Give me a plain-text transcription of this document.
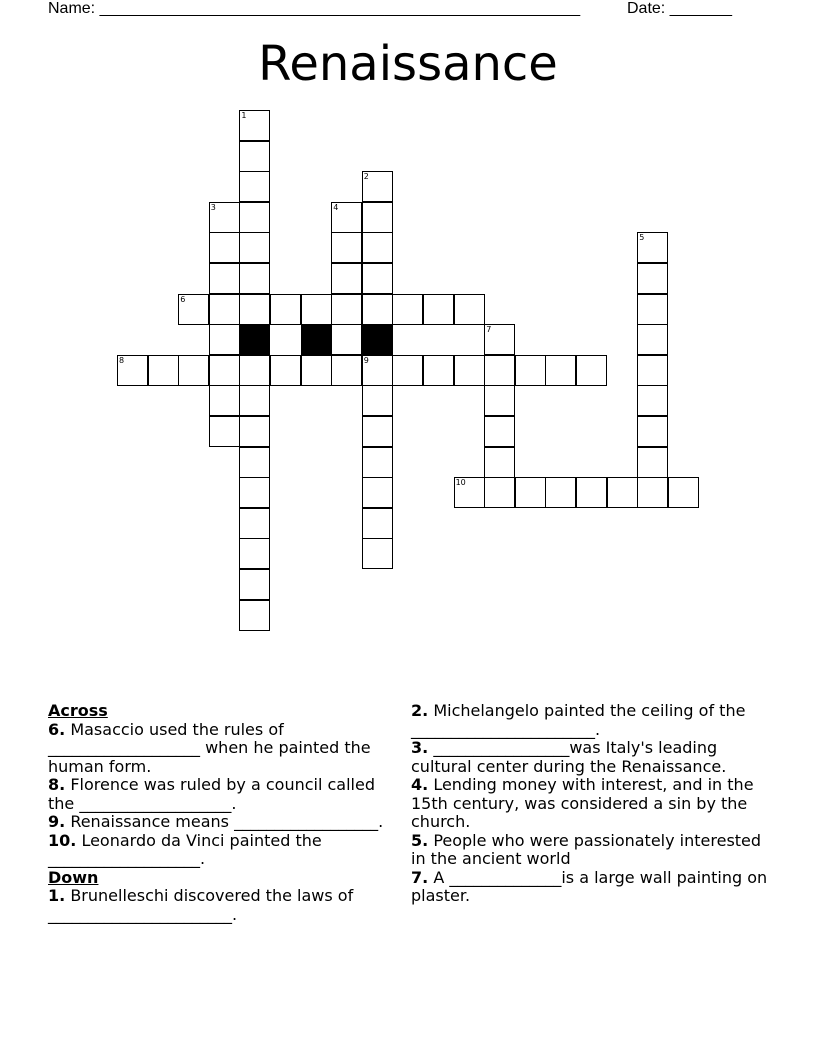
Name: ______________________________________________________

	Date: _______

Renaissance
1
2
9
3	4
5
6
7
8
10
Across
6. Masaccio used the rules of ___________________ when he painted the human form.
8. Florence was ruled by a council called the ___________________.
9. Renaissance means __________________.
10. Leonardo da Vinci painted the ___________________.
Down
1. Brunelleschi discovered the laws of _______________________.
2. Michelangelo painted the ceiling of the _______________________.
3. _________________was Italy's leading cultural center during the Renaissance.
4. Lending money with interest, and in the 15th century, was considered a sin by the church.
5. People who were passionately interested in the ancient world
7. A ______________is a large wall painting on plaster.
